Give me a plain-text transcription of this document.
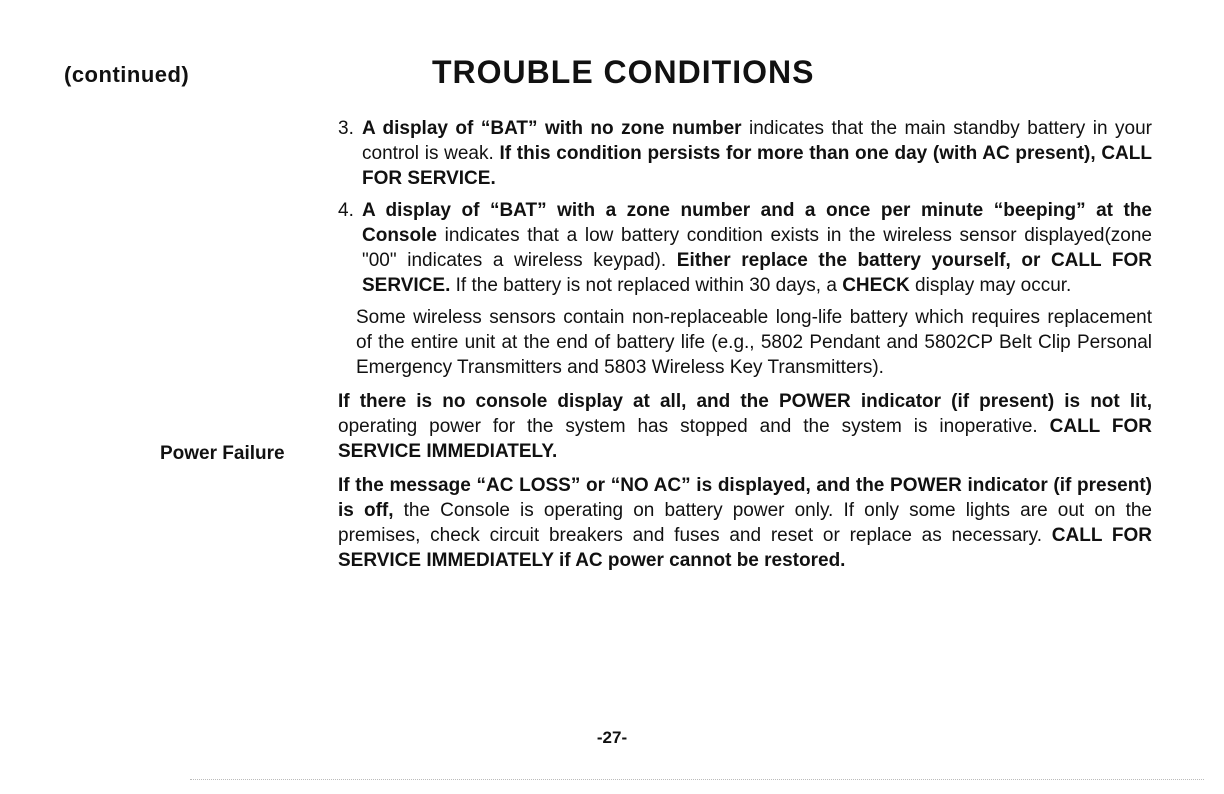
(continued)	TROUBLE CONDITIONS

Power Failure

3. A display of “BAT” with no zone number indicates that the main standby battery in your control is weak. If this condition persists for more than one day (with AC present), CALL FOR SERVICE.
4. A display of “BAT” with a zone number and a once per minute “beeping” at the Console indicates that a low battery condition exists in the wireless sensor displayed(zone "00" indicates a wireless keypad). Either replace the battery yourself, or CALL FOR SERVICE. If the battery is not replaced within 30 days, a CHECK display may occur.

Some wireless sensors contain non-replaceable long-life battery which requires replacement of the entire unit at the end of battery life (e.g., 5802 Pendant and 5802CP Belt Clip Personal Emergency Transmitters and 5803 Wireless Key Transmitters).

If there is no console display at all, and the POWER indicator (if present) is not lit, operating power for the system has stopped and the system is inoperative. CALL FOR SERVICE IMMEDIATELY.

If the message “AC LOSS” or “NO AC” is displayed, and the POWER indicator (if present) is off, the Console is operating on battery power only. If only some lights are out on the premises, check circuit breakers and fuses and reset or replace as necessary. CALL FOR SERVICE IMMEDIATELY if AC power cannot be restored.

-27-
